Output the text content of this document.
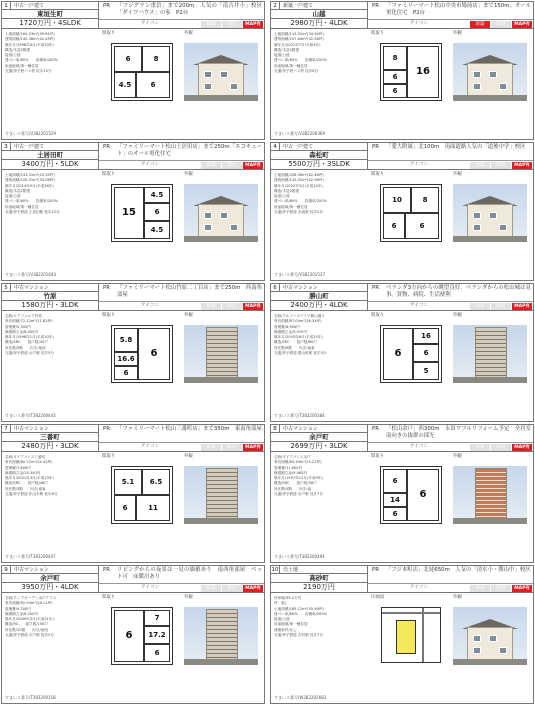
1	中古一戸建て
東垣生町
1720万円・4SLDK
PR	「フジグラン重信」まで200m。人気の「南吉井小」校区「ダイワハウス」の家　P2台
アイコン	新築	駅近	MAP有
土地面積/164.03m²(49.61坪)
建物面積/140.36m²(42.45坪)
築年月/1998年4月(平成10年)
構造/木造2階建
接道/公道
建ぺい率/60%　　容積率/200%
用途地域/第一種住居
交通/伊予鉄バス停 徒歩10分
間取り
6	8
4.5	6
外観
すまいス番号/V382201529
2	新築一戸建て
山越
2980万円・4LDK
PR	「ファミリーマート松山中央市場前店」まで150m。オール電化住宅　P2台
アイコン	新築	駅近	MAP有
土地面積/115.52m²(34.94坪)
建物面積/107.64m²(32.56坪)
築年月/2022年7月(令和4年)
構造/木造2階建
接道/公道
建ぺい率/60%　　容積率/200%
用途地域/第一種住居
交通/伊予鉄バス停 徒歩6分
間取り
8
16
6
6
外観
すまいス番号/V382200369
3	中古一戸建て
土居田町
3400万円・5LDK
PR	「ファミリーマート松山土居田店」まで250m「エコキュート」のオール電化住宅
アイコン	新築	駅近	MAP有
土地面積/143.31m²(43.35坪)
建物面積/109.31m²(33.06坪)
築年月/2014年9月(平成26年)
構造/木造2階建
接道/公道
建ぺい率/60%　　容積率/200%
用途地域/第一種住居
交通/伊予鉄道 土居田駅 徒歩12分
間取り
15
4.5
6
4.5
外観
すまいス番号/V382201643
4	中古一戸建て
森松町
5500万円・3SLDK
PR	「愛大附属」北100m　南面道路人気の「道後中学」校区
アイコン	新築	駅近	MAP有
土地面積/206.56m²(62.48坪)
建物面積/142.02m²(42.96坪)
築年月/2002年3月(平成14年)
構造/木造2階建
接道/公道
建ぺい率/60%　　容積率/200%
用途地域/第一種住居
交通/伊予鉄道 赤坂駅 徒歩2分
間取り
10	8
6	6
外観
すまいス番号/V382201537
5	中古マンション
竹原
1580万円・3LDK
PR	「ファミリーマート松山竹原二丁目店」まで250m　西南角部屋
アイコン	新築	駅近	MAP有
名称/エアフォルテ竹原
専有面積/72.12m²(21.81坪)
管理費/5,300円
修繕積立金/8,000円
築年月/1998年1月(平成10年)
構造/SRC　　総戸数/40戸
所在階/5階　　向き/南西
交通/伊予鉄道 余戸駅 徒歩5分
間取り
5.8
6
16.6
6
外観
すまいス番号/T382200443
6	中古マンション
勝山町
2400万円・4LDK
PR	ベランダ3方向からの眺望良好。ベランダからの松山城は見事。買物、病院、生活便利
アイコン	新築	駅近	MAP有
名称/アルファステイツ勝山通り
専有面積/87.04m²(26.34坪)
管理費/8,900円
修繕積立金/9,970円
築年月/2003年6月(平成15年)
構造/SRC　　総戸数/60戸
所在階/9階　　向き/南東
交通/伊予鉄道 勝山町駅 徒歩3分
間取り
6
16
6
5
外観
すまいス番号/T382200384
7	中古マンション
三番町
2480万円・3LDK
PR	「ファミリーマート松山三番町店」まで350m　東南角部屋
アイコン	新築	駅近	MAP有
名称/ダイアパレス三番町
専有面積/80.72m²(24.42坪)
管理費/7,600円
修繕積立金/15,340円
築年月/2001年3月(平成13年)
構造/SRC　　総戸数/46戸
所在階/3階　　向き/南東
交通/伊予鉄道 松山市駅 徒歩6分
間取り
5.1	6.5
6	11
外観
すまいス番号/T382200447
8	中古マンション
余戸町
2699万円・3LDK
PR	「松山余戸」西300m　永田ワフルリフォーム予定　全居室南向きの抜群の採光
アイコン	新築	駅近	MAP有
名称/ダイアパレス余戸
専有面積/83.39m²(25.22坪)
管理費/11,600円
修繕積立金/9,460円
築年月/1997年12月(平成9年)
構造/SRC　　総戸数/56戸
所在階/5階　　向き/南
交通/伊予鉄道 余戸駅 徒歩7分
間取り
6
6
14
6
外観
すまいス番号/T382200494
9	中古マンション
余戸町
3950万円・4LDK
PR	リビングからの夜景は一見の価値あり　南西角部屋　ペット可　床暖房あり
アイコン	新築	駅近	MAP有
名称/クレアガーデン余戸テラス
専有面積/92.93m²(28.11坪)
管理費/9,200円
修繕積立金/6,200円
築年月/2009年3月(平成21年)
構造/RC　　総戸数/150戸
所在階/10階　　向き/南西
交通/伊予鉄道 余戸駅 徒歩5分
間取り
6
7
17.2
6
外観
すまいス番号/T382200158
10 売土地
高砂町
2190万円
PR	「フジ本町店」北徒650m　人気の「清水小・勝山中」校区
アイコン	新築	駅近	MAP有
坪単価/39.2万円
坪　数/-
土地面積/185.12m²(55.99坪)
建ぺい率/60%　　容積率/200%
接道/公道
用途地域/第一種住居
建築条件/なし
交通/伊予鉄道 古町駅 徒歩7分
区画図	外観
すまいス番号/W382202683
